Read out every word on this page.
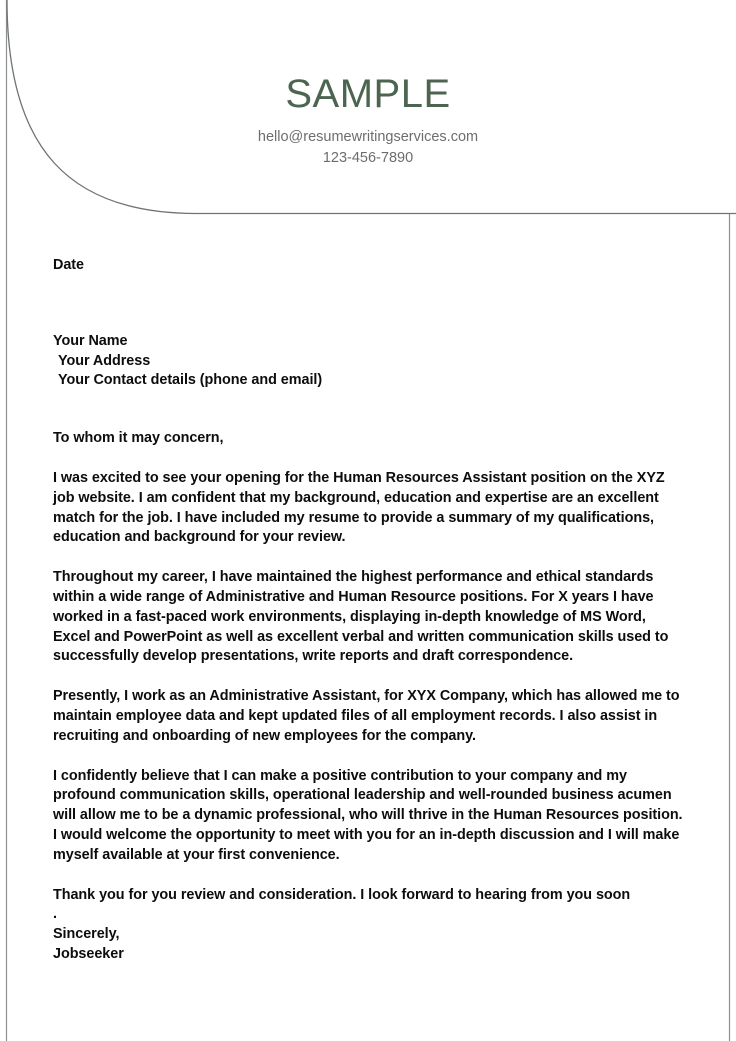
SAMPLE
hello@resumewritingservices.com
123-456-7890
Date
Your Name
Your Address
Your Contact details (phone and email)
To whom it may concern,

I was excited to see your opening for the Human Resources Assistant position on the XYZ job website. I am confident that my background, education and expertise are an excellent match for the job. I have included my resume to provide a summary of my qualifications, education and background for your review.

Throughout my career, I have maintained the highest performance and ethical standards within a wide range of Administrative and Human Resource positions. For X years I have worked in a fast-paced work environments, displaying in-depth knowledge of MS Word, Excel and PowerPoint as well as excellent verbal and written communication skills used to successfully develop presentations, write reports and draft correspondence.

Presently, I work as an Administrative Assistant, for XYX Company, which has allowed me to maintain employee data and kept updated files of all employment records. I also assist in recruiting and onboarding of new employees for the company.

I confidently believe that I can make a positive contribution to your company and my profound communication skills, operational leadership and well-rounded business acumen will allow me to be a dynamic professional, who will thrive in the Human Resources position. I would welcome the opportunity to meet with you for an in-depth discussion and I will make myself available at your first convenience.

Thank you for you review and consideration. I look forward to hearing from you soon
.
Sincerely,
Jobseeker
